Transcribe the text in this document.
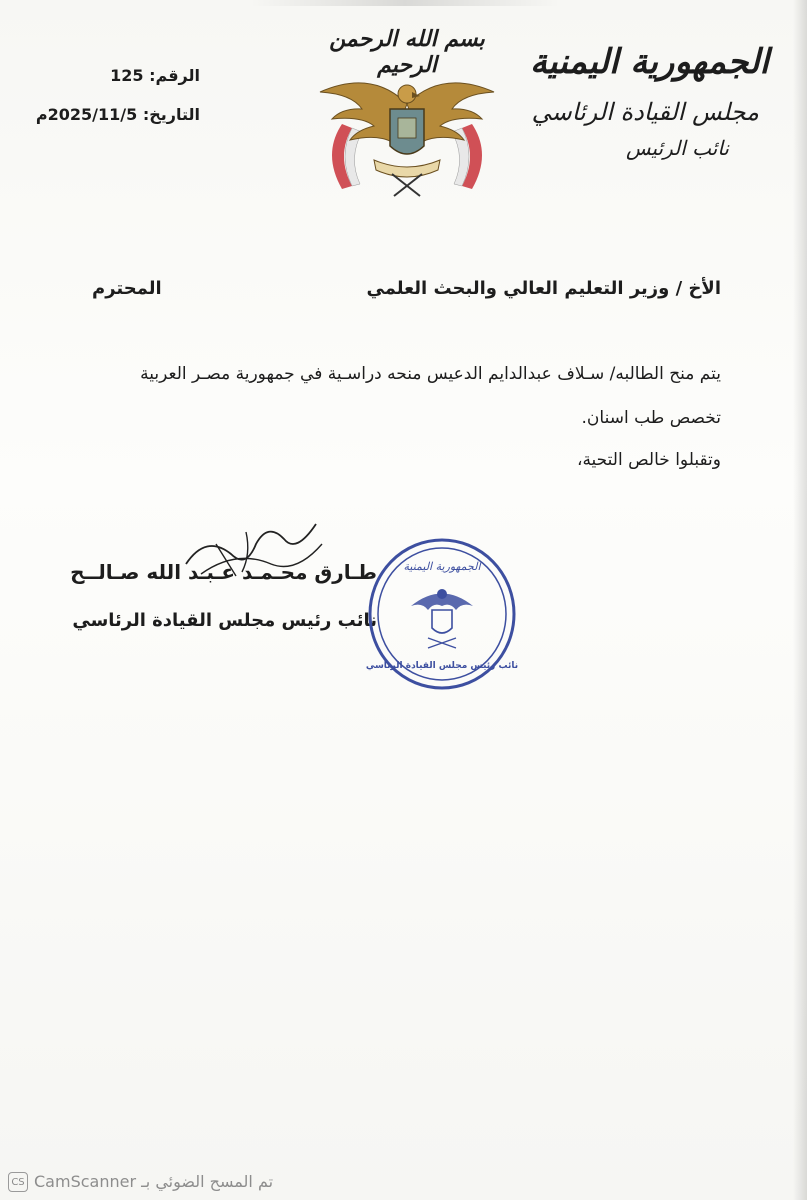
الجمهورية اليمنية
مجلس القيادة الرئاسي
نائب الرئيس
بسم الله الرحمن الرحيم
الرقم: 125
التاريخ: 2025/11/5م
الأخ / وزير التعليم العالي والبحث العلمي
المحترم
يتم منح الطالبه/ سـلاف عبدالدايم الدعيس منحه دراسـية في جمهورية مصـر العربية
تخصص طب اسنان.
وتقبلوا خالص التحية،
طـارق محـمـد عـبـد الله صـالــح
نائب رئيس مجلس القيادة الرئاسي
الجمهورية اليمنية
نائب رئيس مجلس القيادة الرئاسي
CS تم المسح الضوئي بـ CamScanner
